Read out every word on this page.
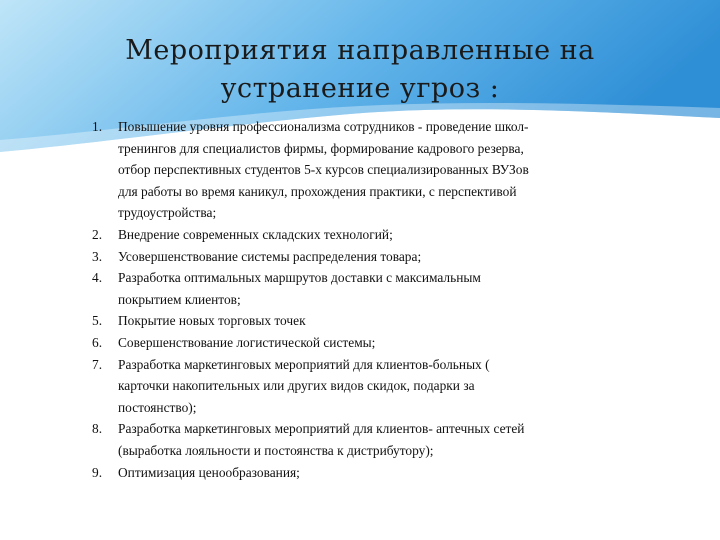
Мероприятия направленные на
устранение угроз :
1.	Повышение уровня профессионализма сотрудников - проведение школ-
тренингов для специалистов фирмы, формирование кадрового резерва,
отбор перспективных студентов 5-х курсов специализированных ВУЗов
для работы во время каникул, прохождения практики, с перспективой
трудоустройства;
2.	Внедрение современных складских технологий;
3.	Усовершенствование системы распределения товара;
4.	Разработка оптимальных маршрутов доставки с максимальным
покрытием клиентов;
5.	Покрытие новых торговых точек
6.	Совершенствование логистической системы;
7.	Разработка маркетинговых мероприятий для клиентов-больных (
карточки накопительных или других видов скидок, подарки за
постоянство);
8.	Разработка маркетинговых мероприятий для клиентов- аптечных сетей
(выработка лояльности и постоянства к дистрибутору);
9.	Оптимизация ценообразования;
